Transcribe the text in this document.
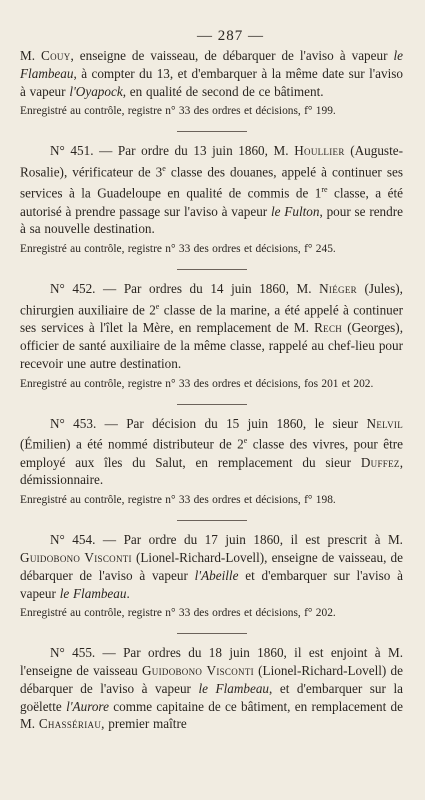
— 287 —

M. Couy, enseigne de vaisseau, de débarquer de l'aviso à vapeur le Flambeau, à compter du 13, et d'embarquer à la même date sur l'aviso à vapeur l'Oyapock, en qualité de second de ce bâtiment.

Enregistré au contrôle, registre n° 33 des ordres et décisions, f° 199.

N° 451. — Par ordre du 13 juin 1860, M. Houllier (Auguste-Rosalie), vérificateur de 3e classe des douanes, appelé à continuer ses services à la Guadeloupe en qualité de commis de 1re classe, a été autorisé à prendre passage sur l'aviso à vapeur le Fulton, pour se rendre à sa nouvelle destination.

Enregistré au contrôle, registre n° 33 des ordres et décisions, f° 245.

N° 452. — Par ordres du 14 juin 1860, M. Niéger (Jules), chirurgien auxiliaire de 2e classe de la marine, a été appelé à continuer ses services à l'îlet la Mère, en remplacement de M. Rech (Georges), officier de santé auxiliaire de la même classe, rappelé au chef-lieu pour recevoir une autre destination.

Enregistré au contrôle, registre n° 33 des ordres et décisions, fos 201 et 202.

N° 453. — Par décision du 15 juin 1860, le sieur Nelvil (Émilien) a été nommé distributeur de 2e classe des vivres, pour être employé aux îles du Salut, en remplacement du sieur Duffez, démissionnaire.

Enregistré au contrôle, registre n° 33 des ordres et décisions, f° 198.

N° 454. — Par ordre du 17 juin 1860, il est prescrit à M. Guidobono Visconti (Lionel-Richard-Lovell), enseigne de vaisseau, de débarquer de l'aviso à vapeur l'Abeille et d'embarquer sur l'aviso à vapeur le Flambeau.

Enregistré au contrôle, registre n° 33 des ordres et décisions, f° 202.

N° 455. — Par ordres du 18 juin 1860, il est enjoint à M. l'enseigne de vaisseau Guidobono Visconti (Lionel-Richard-Lovell) de débarquer de l'aviso à vapeur le Flambeau, et d'embarquer sur la goëlette l'Aurore comme capitaine de ce bâtiment, en remplacement de M. Chassériau, premier maître
